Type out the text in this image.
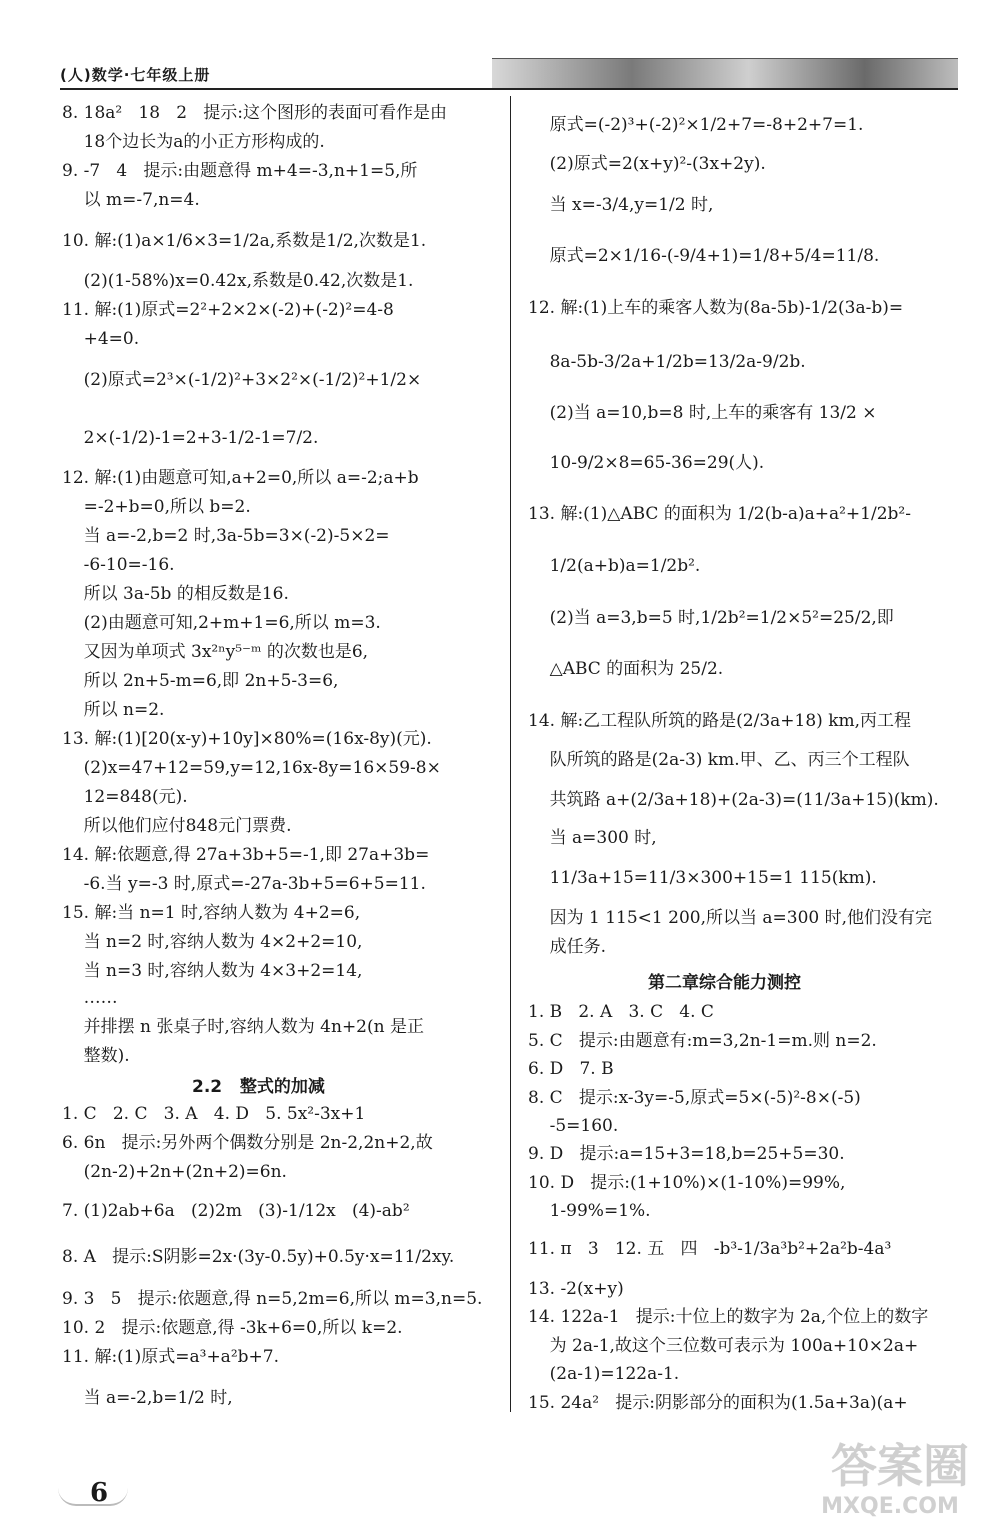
(人)数学·七年级上册
8. 18a²   18   2   提示:这个图形的表面可看作是由
18个边长为a的小正方形构成的.
9. -7   4   提示:由题意得 m+4=-3,n+1=5,所
以 m=-7,n=4.
10. 解:(1)a×1/6×3=1/2a,系数是1/2,次数是1.
(2)(1-58%)x=0.42x,系数是0.42,次数是1.
11. 解:(1)原式=2²+2×2×(-2)+(-2)²=4-8
+4=0.
(2)原式=2³×(-1/2)²+3×2²×(-1/2)²+1/2×
2×(-1/2)-1=2+3-1/2-1=7/2.
12. 解:(1)由题意可知,a+2=0,所以 a=-2;a+b
=-2+b=0,所以 b=2.
当 a=-2,b=2 时,3a-5b=3×(-2)-5×2=
-6-10=-16.
所以 3a-5b 的相反数是16.
(2)由题意可知,2+m+1=6,所以 m=3.
又因为单项式 3x²ⁿy⁵⁻ᵐ 的次数也是6,
所以 2n+5-m=6,即 2n+5-3=6,
所以 n=2.
13. 解:(1)[20(x-y)+10y]×80%=(16x-8y)(元).
(2)x=47+12=59,y=12,16x-8y=16×59-8×
12=848(元).
所以他们应付848元门票费.
14. 解:依题意,得 27a+3b+5=-1,即 27a+3b=
-6.当 y=-3 时,原式=-27a-3b+5=6+5=11.
15. 解:当 n=1 时,容纳人数为 4+2=6,
当 n=2 时,容纳人数为 4×2+2=10,
当 n=3 时,容纳人数为 4×3+2=14,
……
并排摆 n 张桌子时,容纳人数为 4n+2(n 是正
整数).
2.2   整式的加减
1. C   2. C   3. A   4. D   5. 5x²-3x+1
6. 6n   提示:另外两个偶数分别是 2n-2,2n+2,故
(2n-2)+2n+(2n+2)=6n.
7. (1)2ab+6a   (2)2m   (3)-1/12x   (4)-ab²
8. A   提示:S阴影=2x·(3y-0.5y)+0.5y·x=11/2xy.
9. 3   5   提示:依题意,得 n=5,2m=6,所以 m=3,n=5.
10. 2   提示:依题意,得 -3k+6=0,所以 k=2.
11. 解:(1)原式=a³+a²b+7.
当 a=-2,b=1/2 时,
原式=(-2)³+(-2)²×1/2+7=-8+2+7=1.
(2)原式=2(x+y)²-(3x+2y).
当 x=-3/4,y=1/2 时,
原式=2×1/16-(-9/4+1)=1/8+5/4=11/8.
12. 解:(1)上车的乘客人数为(8a-5b)-1/2(3a-b)=
8a-5b-3/2a+1/2b=13/2a-9/2b.
(2)当 a=10,b=8 时,上车的乘客有 13/2 ×
10-9/2×8=65-36=29(人).
13. 解:(1)△ABC 的面积为 1/2(b-a)a+a²+1/2b²-
1/2(a+b)a=1/2b².
(2)当 a=3,b=5 时,1/2b²=1/2×5²=25/2,即
△ABC 的面积为 25/2.
14. 解:乙工程队所筑的路是(2/3a+18) km,丙工程
队所筑的路是(2a-3) km.甲、乙、丙三个工程队
共筑路 a+(2/3a+18)+(2a-3)=(11/3a+15)(km).
当 a=300 时,
11/3a+15=11/3×300+15=1 115(km).
因为 1 115<1 200,所以当 a=300 时,他们没有完
成任务.
第二章综合能力测控
1. B   2. A   3. C   4. C
5. C   提示:由题意有:m=3,2n-1=m.则 n=2.
6. D   7. B
8. C   提示:x-3y=-5,原式=5×(-5)²-8×(-5)
-5=160.
9. D   提示:a=15+3=18,b=25+5=30.
10. D   提示:(1+10%)×(1-10%)=99%,
1-99%=1%.
11. π   3   12. 五   四   -b³-1/3a³b²+2a²b-4a³
13. -2(x+y)
14. 122a-1   提示:十位上的数字为 2a,个位上的数字
为 2a-1,故这个三位数可表示为 100a+10×2a+
(2a-1)=122a-1.
15. 24a²   提示:阴影部分的面积为(1.5a+3a)(a+
6	答案圈
MXQE.COM
